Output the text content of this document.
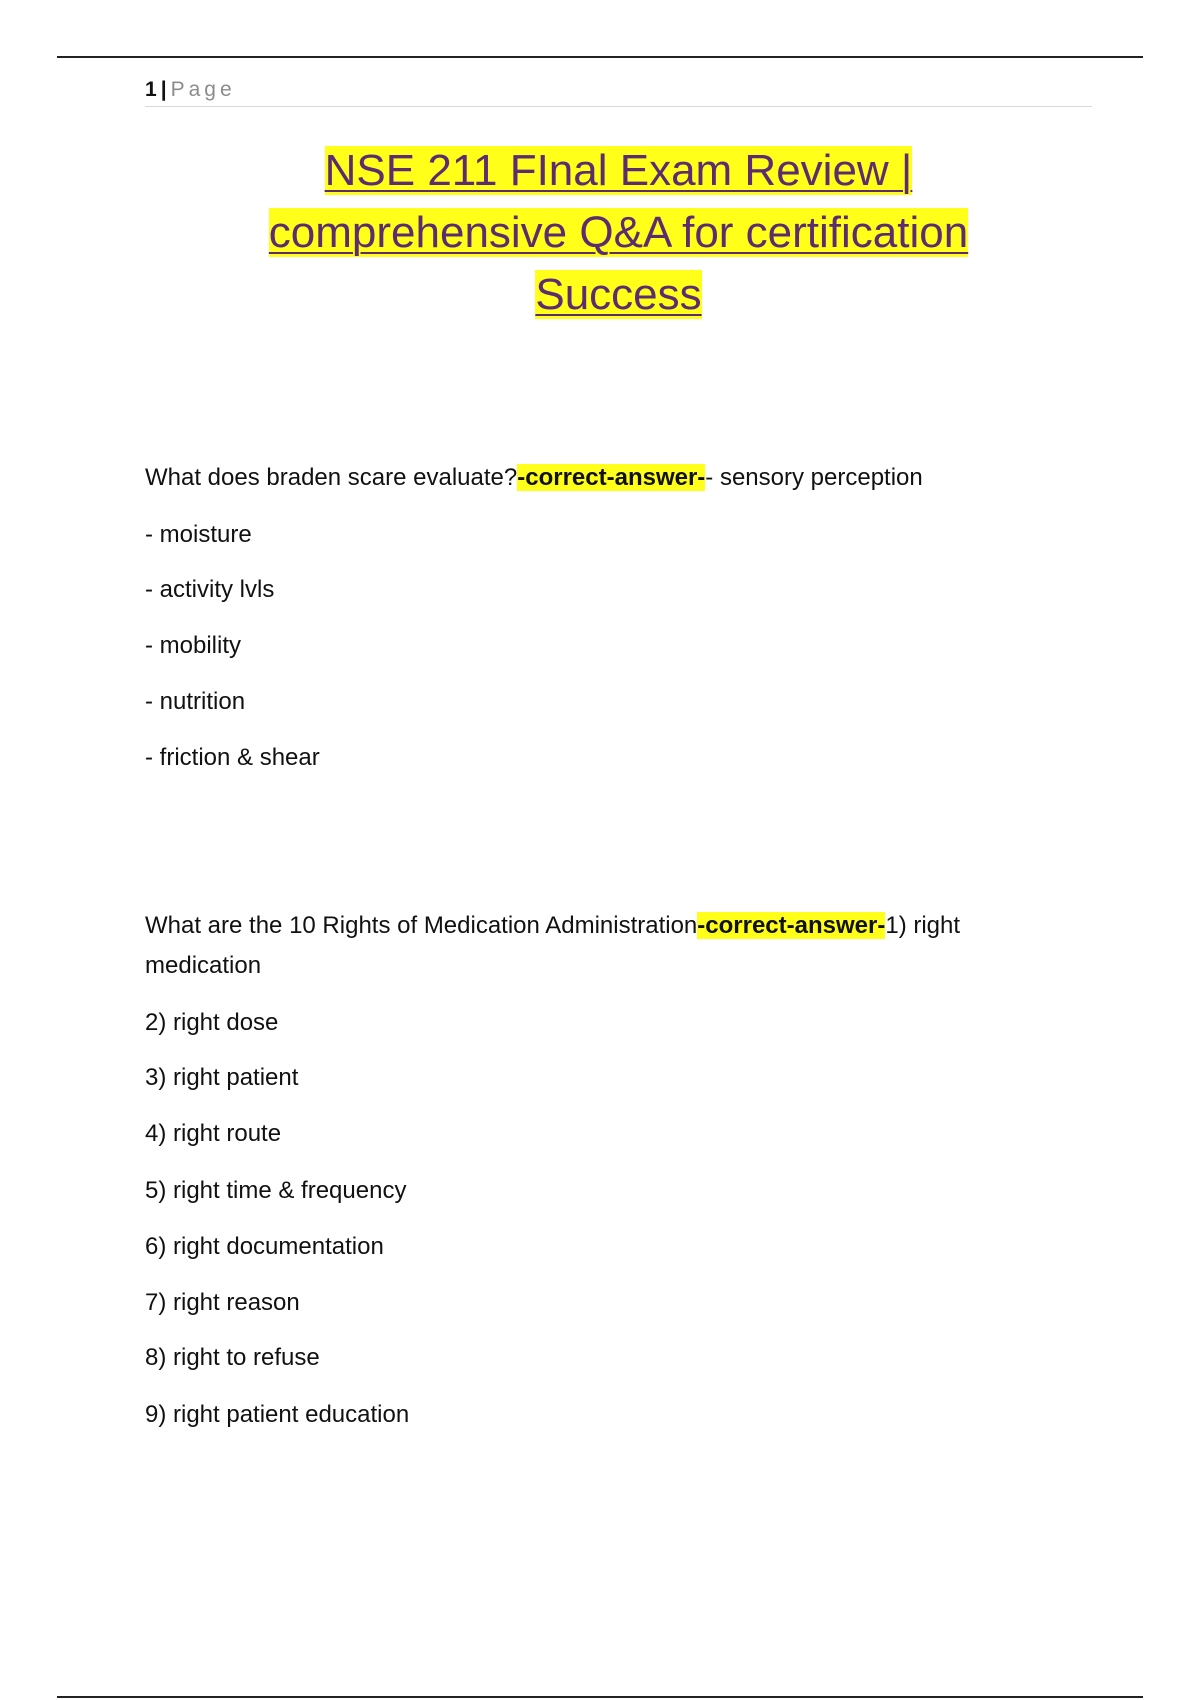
1 | Page
NSE 211 FInal Exam Review |
comprehensive Q&A for certification
Success
What does braden scare evaluate?-correct-answer-- sensory perception
- moisture
- activity lvls
- mobility
- nutrition
- friction & shear
What are the 10 Rights of Medication Administration-correct-answer-1) right
medication
2) right dose
3) right patient
4) right route
5) right time & frequency
6) right documentation
7) right reason
8) right to refuse
9) right patient education
